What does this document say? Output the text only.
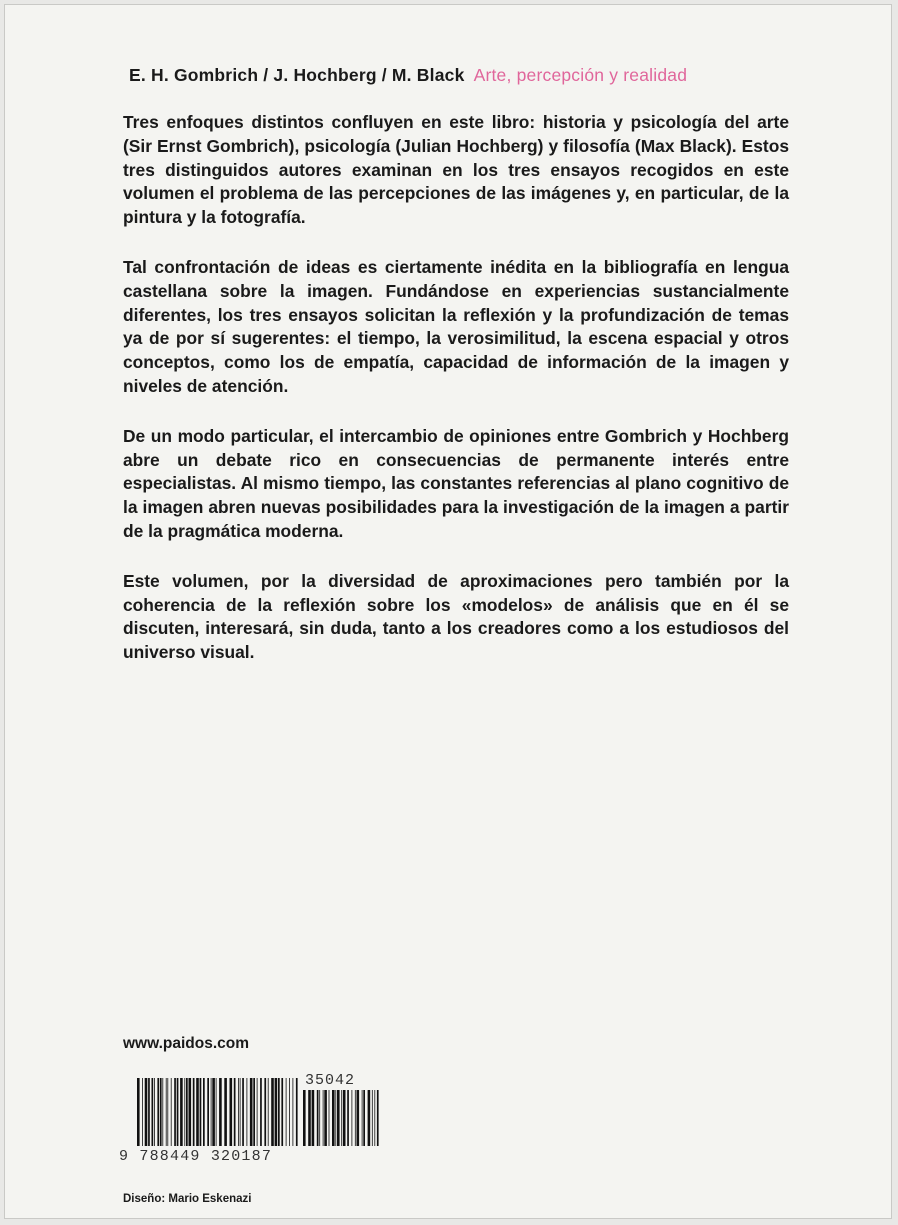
E. H. Gombrich / J. Hochberg / M. Black Arte, percepción y realidad

Tres enfoques distintos confluyen en este libro: historia y psicología del arte (Sir Ernst Gombrich), psicología (Julian Hochberg) y filosofía (Max Black). Estos tres distinguidos autores examinan en los tres ensayos recogidos en este volumen el problema de las percepciones de las imágenes y, en particular, de la pintura y la fotografía.

Tal confrontación de ideas es ciertamente inédita en la bibliografía en lengua castellana sobre la imagen. Fundándose en experiencias sustancialmente diferentes, los tres ensayos solicitan la reflexión y la profundización de temas ya de por sí sugerentes: el tiempo, la verosimilitud, la escena espacial y otros conceptos, como los de empatía, capacidad de información de la imagen y niveles de atención.

De un modo particular, el intercambio de opiniones entre Gombrich y Hochberg abre un debate rico en consecuencias de permanente interés entre especialistas. Al mismo tiempo, las constantes referencias al plano cognitivo de la imagen abren nuevas posibilidades para la investigación de la imagen a partir de la pragmática moderna.

Este volumen, por la diversidad de aproximaciones pero también por la coherencia de la reflexión sobre los «modelos» de análisis que en él se discuten, interesará, sin duda, tanto a los creadores como a los estudiosos del universo visual.

www.paidos.com
35042
9 788449 320187
Diseño: Mario Eskenazi
